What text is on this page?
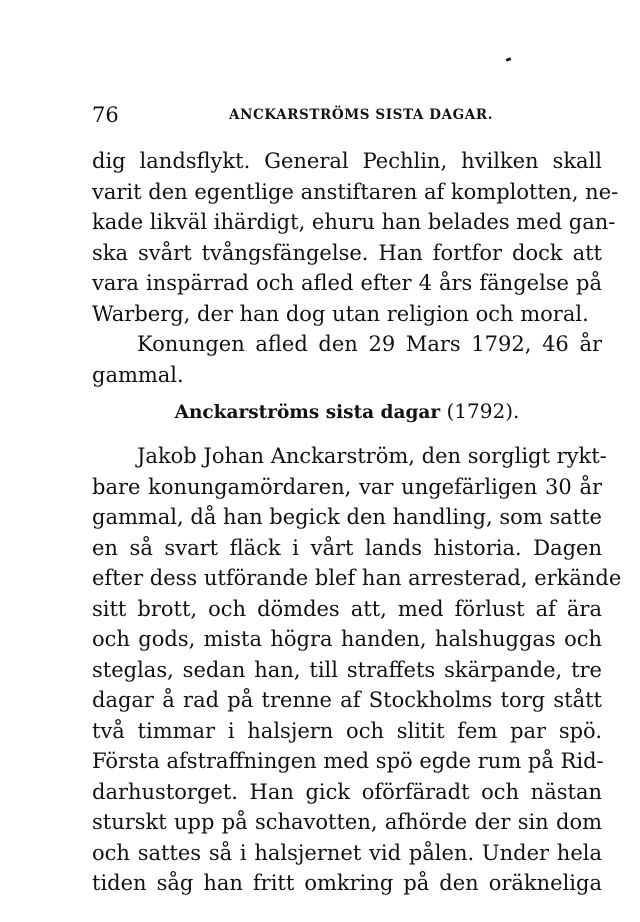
76	ANCKARSTRÖMS SISTA DAGAR.
dig landsflykt. General Pechlin, hvilken skall
varit den egentlige anstiftaren af komplotten, ne-
kade likväl ihärdigt, ehuru han belades med gan-
ska svårt tvångsfängelse. Han fortfor dock att
vara inspärrad och afled efter 4 års fängelse på
Warberg, der han dog utan religion och moral.
Konungen afled den 29 Mars 1792, 46 år
gammal.
Anckarströms sista dagar (1792).
Jakob Johan Anckarström, den sorgligt rykt-
bare konungamördaren, var ungefärligen 30 år
gammal, då han begick den handling, som satte
en så svart fläck i vårt lands historia. Dagen
efter dess utförande blef han arresterad, erkände
sitt brott, och dömdes att, med förlust af ära
och gods, mista högra handen, halshuggas och
steglas, sedan han, till straffets skärpande, tre
dagar å rad på trenne af Stockholms torg stått
två timmar i halsjern och slitit fem par spö.
Första afstraffningen med spö egde rum på Rid-
darhustorget. Han gick oförfäradt och nästan
sturskt upp på schavotten, afhörde der sin dom
och sattes så i halsjernet vid pålen. Under hela
tiden såg han fritt omkring på den oräkneliga
